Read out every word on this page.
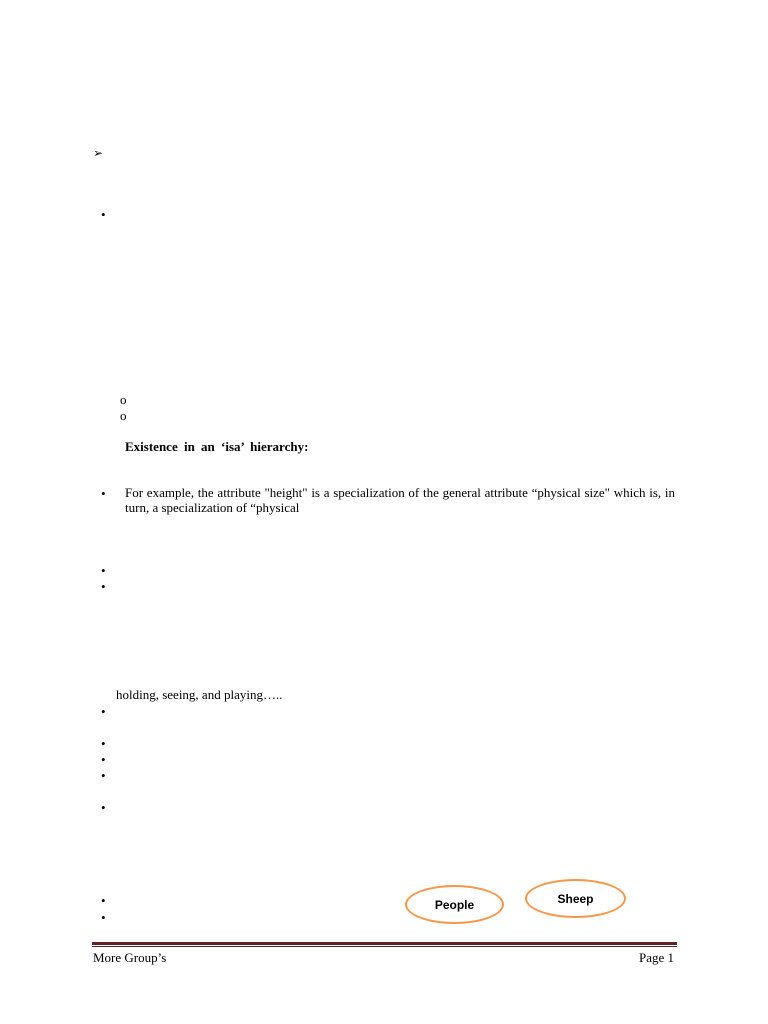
➢
•
o
o
Existence in an ‘isa’ hierarchy:
• For example, the attribute "height" is a specialization of the general attribute “physical size" which is, in turn, a specialization of “physical
•
•
holding, seeing, and playing…..
•
•
•
•
•
•
•
People	Sheep
More Group’s	Page 1
